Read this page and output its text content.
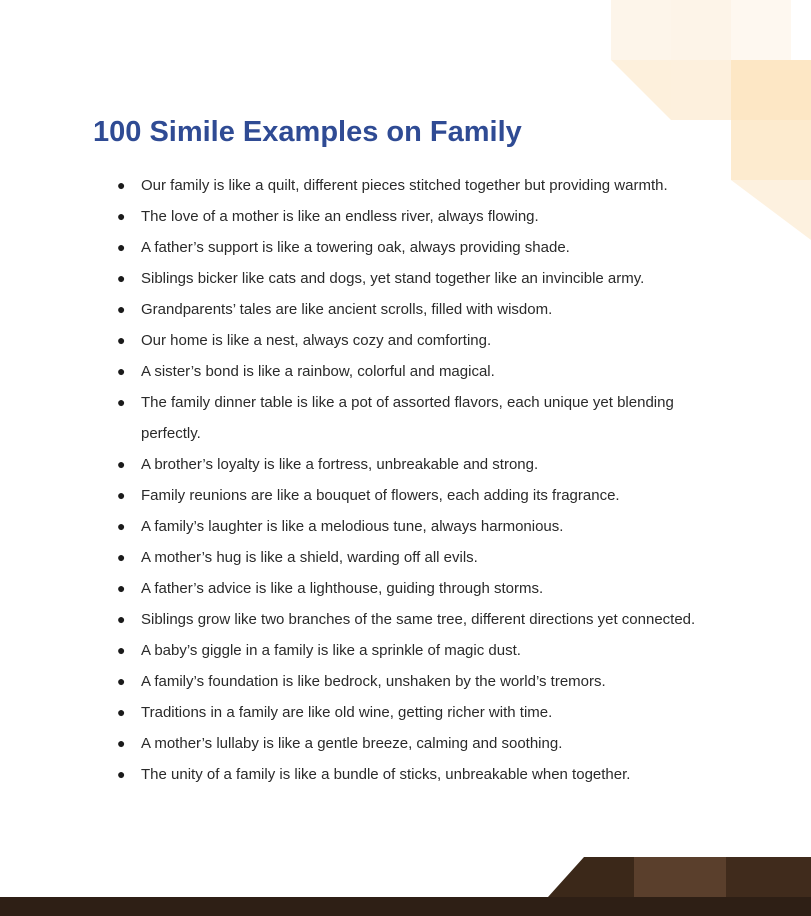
100 Simile Examples on Family
● Our family is like a quilt, different pieces stitched together but providing warmth.
● The love of a mother is like an endless river, always flowing.
● A father’s support is like a towering oak, always providing shade.
● Siblings bicker like cats and dogs, yet stand together like an invincible army.
● Grandparents’ tales are like ancient scrolls, filled with wisdom.
● Our home is like a nest, always cozy and comforting.
● A sister’s bond is like a rainbow, colorful and magical.
● The family dinner table is like a pot of assorted flavors, each unique yet blending perfectly.
● A brother’s loyalty is like a fortress, unbreakable and strong.
● Family reunions are like a bouquet of flowers, each adding its fragrance.
● A family’s laughter is like a melodious tune, always harmonious.
● A mother’s hug is like a shield, warding off all evils.
● A father’s advice is like a lighthouse, guiding through storms.
● Siblings grow like two branches of the same tree, different directions yet connected.
● A baby’s giggle in a family is like a sprinkle of magic dust.
● A family’s foundation is like bedrock, unshaken by the world’s tremors.
● Traditions in a family are like old wine, getting richer with time.
● A mother’s lullaby is like a gentle breeze, calming and soothing.
● The unity of a family is like a bundle of sticks, unbreakable when together.
